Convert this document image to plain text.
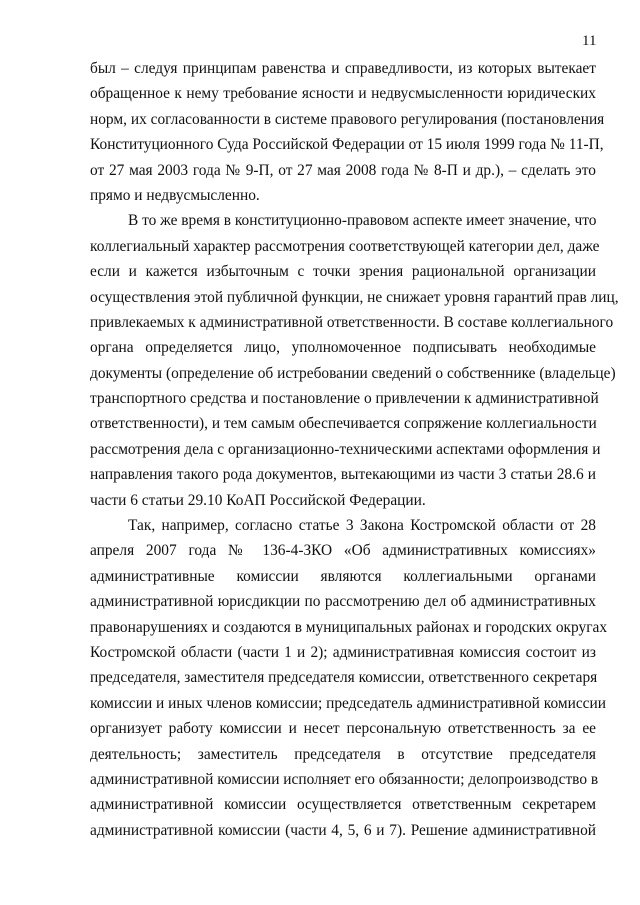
11
был – следуя принципам равенства и справедливости, из которых вытекает
обращенное к нему требование ясности и недвусмысленности юридических
норм, их согласованности в системе правового регулирования (постановления
Конституционного Суда Российской Федерации от 15 июля 1999 года № 11-П,
от 27 мая 2003 года № 9-П, от 27 мая 2008 года № 8-П и др.), – сделать это
прямо и недвусмысленно.
В то же время в конституционно-правовом аспекте имеет значение, что
коллегиальный характер рассмотрения соответствующей категории дел, даже
если и кажется избыточным с точки зрения рациональной организации
осуществления этой публичной функции, не снижает уровня гарантий прав лиц,
привлекаемых к административной ответственности. В составе коллегиального
органа определяется лицо, уполномоченное подписывать необходимые
документы (определение об истребовании сведений о собственнике (владельце)
транспортного средства и постановление о привлечении к административной
ответственности), и тем самым обеспечивается сопряжение коллегиальности
рассмотрения дела с организационно-техническими аспектами оформления и
направления такого рода документов, вытекающими из части 3 статьи 28.6 и
части 6 статьи 29.10 КоАП Российской Федерации.
Так, например, согласно статье 3 Закона Костромской области от 28
апреля 2007 года № 136-4-ЗКО «Об административных комиссиях»
административные комиссии являются коллегиальными органами
административной юрисдикции по рассмотрению дел об административных
правонарушениях и создаются в муниципальных районах и городских округах
Костромской области (части 1 и 2); административная комиссия состоит из
председателя, заместителя председателя комиссии, ответственного секретаря
комиссии и иных членов комиссии; председатель административной комиссии
организует работу комиссии и несет персональную ответственность за ее
деятельность; заместитель председателя в отсутствие председателя
административной комиссии исполняет его обязанности; делопроизводство в
административной комиссии осуществляется ответственным секретарем
административной комиссии (части 4, 5, 6 и 7). Решение административной
